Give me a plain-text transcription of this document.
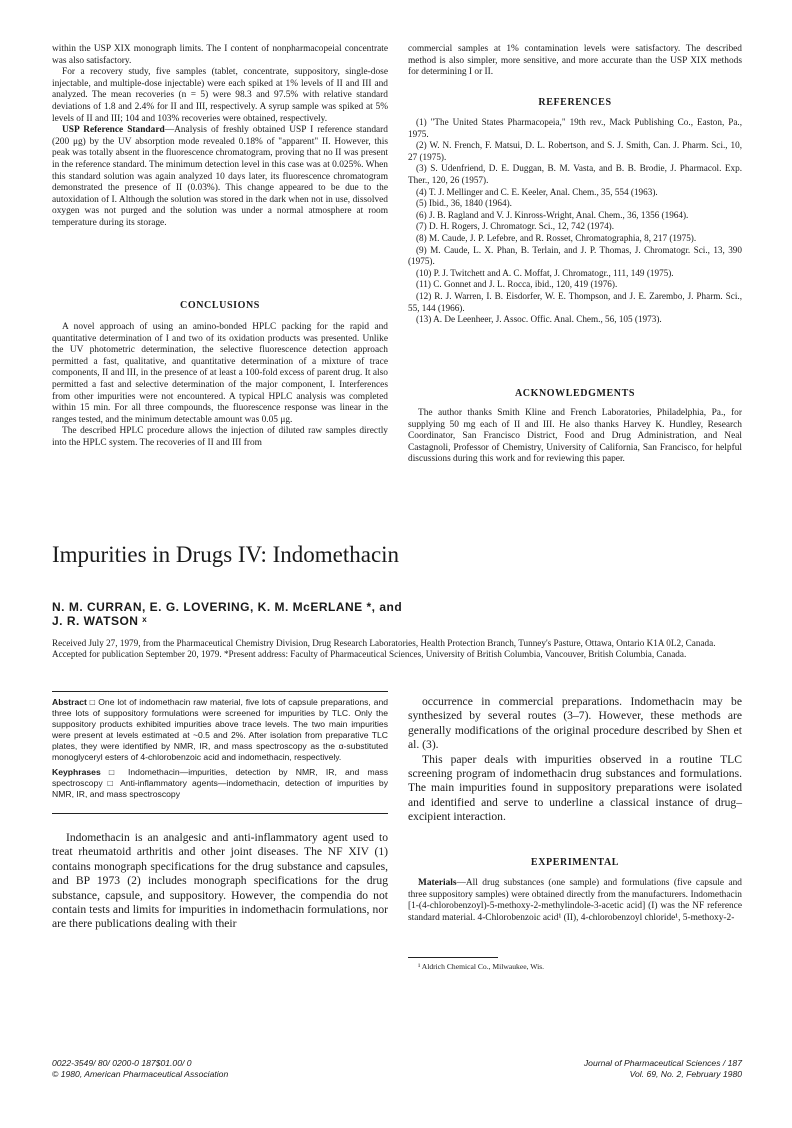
within the USP XIX monograph limits. The I content of nonpharmacopeial concentrate was also satisfactory.

For a recovery study, five samples (tablet, concentrate, suppository, single-dose injectable, and multiple-dose injectable) were each spiked at 1% levels of II and III and analyzed. The mean recoveries (n = 5) were 98.3 and 97.5% with relative standard deviations of 1.8 and 2.4% for II and III, respectively. A syrup sample was spiked at 5% levels of II and III; 104 and 103% recoveries were obtained, respectively.

USP Reference Standard—Analysis of freshly obtained USP I reference standard (200 μg) by the UV absorption mode revealed 0.18% of "apparent" II. However, this peak was totally absent in the fluorescence chromatogram, proving that no II was present in the reference standard. The minimum detection level in this case was at 0.025%. When this standard solution was again analyzed 10 days later, its fluorescence chromatogram demonstrated the presence of II (0.03%). This change appeared to be due to the autoxidation of I. Although the solution was stored in the dark when not in use, dissolved oxygen was not purged and the solution was under a normal atmosphere at room temperature during its storage.

CONCLUSIONS

A novel approach of using an amino-bonded HPLC packing for the rapid and quantitative determination of I and two of its oxidation products was presented. Unlike the UV photometric determination, the selective fluorescence detection approach permitted a fast, qualitative, and quantitative determination of a mixture of trace components, II and III, in the presence of at least a 100-fold excess of parent drug. It also permitted a fast and selective determination of the major component, I. Interferences from other impurities were not encountered. A typical HPLC analysis was completed within 15 min. For all three compounds, the fluorescence response was linear in the ranges tested, and the minimum detectable amount was 0.05 μg.

The described HPLC procedure allows the injection of diluted raw samples directly into the HPLC system. The recoveries of II and III from

commercial samples at 1% contamination levels were satisfactory. The described method is also simpler, more sensitive, and more accurate than the USP XIX methods for determining I or II.

REFERENCES
(1) "The United States Pharmacopeia," 19th rev., Mack Publishing Co., Easton, Pa., 1975.
(2) W. N. French, F. Matsui, D. L. Robertson, and S. J. Smith, Can. J. Pharm. Sci., 10, 27 (1975).
(3) S. Udenfriend, D. E. Duggan, B. M. Vasta, and B. B. Brodie, J. Pharmacol. Exp. Ther., 120, 26 (1957).
(4) T. J. Mellinger and C. E. Keeler, Anal. Chem., 35, 554 (1963).
(5) Ibid., 36, 1840 (1964).
(6) J. B. Ragland and V. J. Kinross-Wright, Anal. Chem., 36, 1356 (1964).
(7) D. H. Rogers, J. Chromatogr. Sci., 12, 742 (1974).
(8) M. Caude, J. P. Lefebre, and R. Rosset, Chromatographia, 8, 217 (1975).
(9) M. Caude, L. X. Phan, B. Terlain, and J. P. Thomas, J. Chromatogr. Sci., 13, 390 (1975).
(10) P. J. Twitchett and A. C. Moffat, J. Chromatogr., 111, 149 (1975).
(11) C. Gonnet and J. L. Rocca, ibid., 120, 419 (1976).
(12) R. J. Warren, I. B. Eisdorfer, W. E. Thompson, and J. E. Zarembo, J. Pharm. Sci., 55, 144 (1966).
(13) A. De Leenheer, J. Assoc. Offic. Anal. Chem., 56, 105 (1973).
ACKNOWLEDGMENTS

The author thanks Smith Kline and French Laboratories, Philadelphia, Pa., for supplying 50 mg each of II and III. He also thanks Harvey K. Hundley, Research Coordinator, San Francisco District, Food and Drug Administration, and Neal Castagnoli, Professor of Chemistry, University of California, San Francisco, for helpful discussions during this work and for reviewing this paper.

Impurities in Drugs IV: Indomethacin
N. M. CURRAN, E. G. LOVERING, K. M. McERLANE *, and
J. R. WATSON ˣ
Received July 27, 1979, from the Pharmaceutical Chemistry Division, Drug Research Laboratories, Health Protection Branch, Tunney's Pasture, Ottawa, Ontario K1A 0L2, Canada. Accepted for publication September 20, 1979. *Present address: Faculty of Pharmaceutical Sciences, University of British Columbia, Vancouver, British Columbia, Canada.

Abstract □ One lot of indomethacin raw material, five lots of capsule preparations, and three lots of suppository formulations were screened for impurities by TLC. Only the suppository products exhibited impurities above trace levels. The two main impurities were present at levels estimated at ~0.5 and 2%. After isolation from preparative TLC plates, they were identified by NMR, IR, and mass spectroscopy as the α-substituted monoglyceryl esters of 4-chlorobenzoic acid and indomethacin, respectively.

Keyphrases □ Indomethacin—impurities, detection by NMR, IR, and mass spectroscopy □ Anti-inflammatory agents—indomethacin, detection of impurities by NMR, IR, and mass spectroscopy

Indomethacin is an analgesic and anti-inflammatory agent used to treat rheumatoid arthritis and other joint diseases. The NF XIV (1) contains monograph specifications for the drug substance and capsules, and BP 1973 (2) includes monograph specifications for the drug substance, capsule, and suppository. However, the compendia do not contain tests and limits for impurities in indomethacin formulations, nor are there publications dealing with their

occurrence in commercial preparations. Indomethacin may be synthesized by several routes (3–7). However, these methods are generally modifications of the original procedure described by Shen et al. (3).

This paper deals with impurities observed in a routine TLC screening program of indomethacin drug substances and formulations. The main impurities found in suppository preparations were isolated and identified and serve to underline a classical instance of drug–excipient interaction.

EXPERIMENTAL

Materials—All drug substances (one sample) and formulations (five capsule and three suppository samples) were obtained directly from the manufacturers. Indomethacin [1-(4-chlorobenzoyl)-5-methoxy-2-methylindole-3-acetic acid] (I) was the NF reference standard material. 4-Chlorobenzoic acid¹ (II), 4-chlorobenzoyl chloride¹, 5-methoxy-2-

¹ Aldrich Chemical Co., Milwaukee, Wis.
0022-3549/ 80/ 0200-0 187$01.00/ 0
© 1980, American Pharmaceutical Association
Journal of Pharmaceutical Sciences / 187
Vol. 69, No. 2, February 1980
